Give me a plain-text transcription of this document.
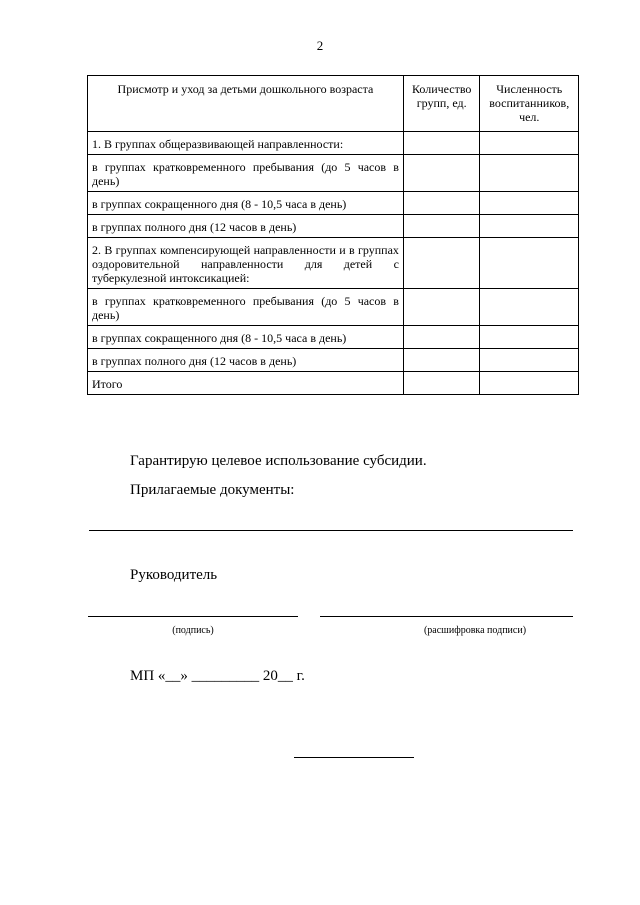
2
Присмотр и уход за детьми дошкольного возраста	Количество групп, ед.	Численность воспитанников, чел.
1. В группах общеразвивающей направленности:		
в группах кратковременного пребывания (до 5 часов в день)		
в группах сокращенного дня (8 - 10,5 часа в день)		
в группах полного дня (12 часов в день)		
2. В группах компенсирующей направленности и в группах оздоровительной направленности для детей с туберкулезной интоксикацией:		
в группах кратковременного пребывания (до 5 часов в день)		
в группах сокращенного дня (8 - 10,5 часа в день)		
в группах полного дня (12 часов в день)		
Итого		
Гарантирую целевое использование субсидии.
Прилагаемые документы:
Руководитель
(подпись)	(расшифровка подписи)
МП «__» _________ 20__ г.
